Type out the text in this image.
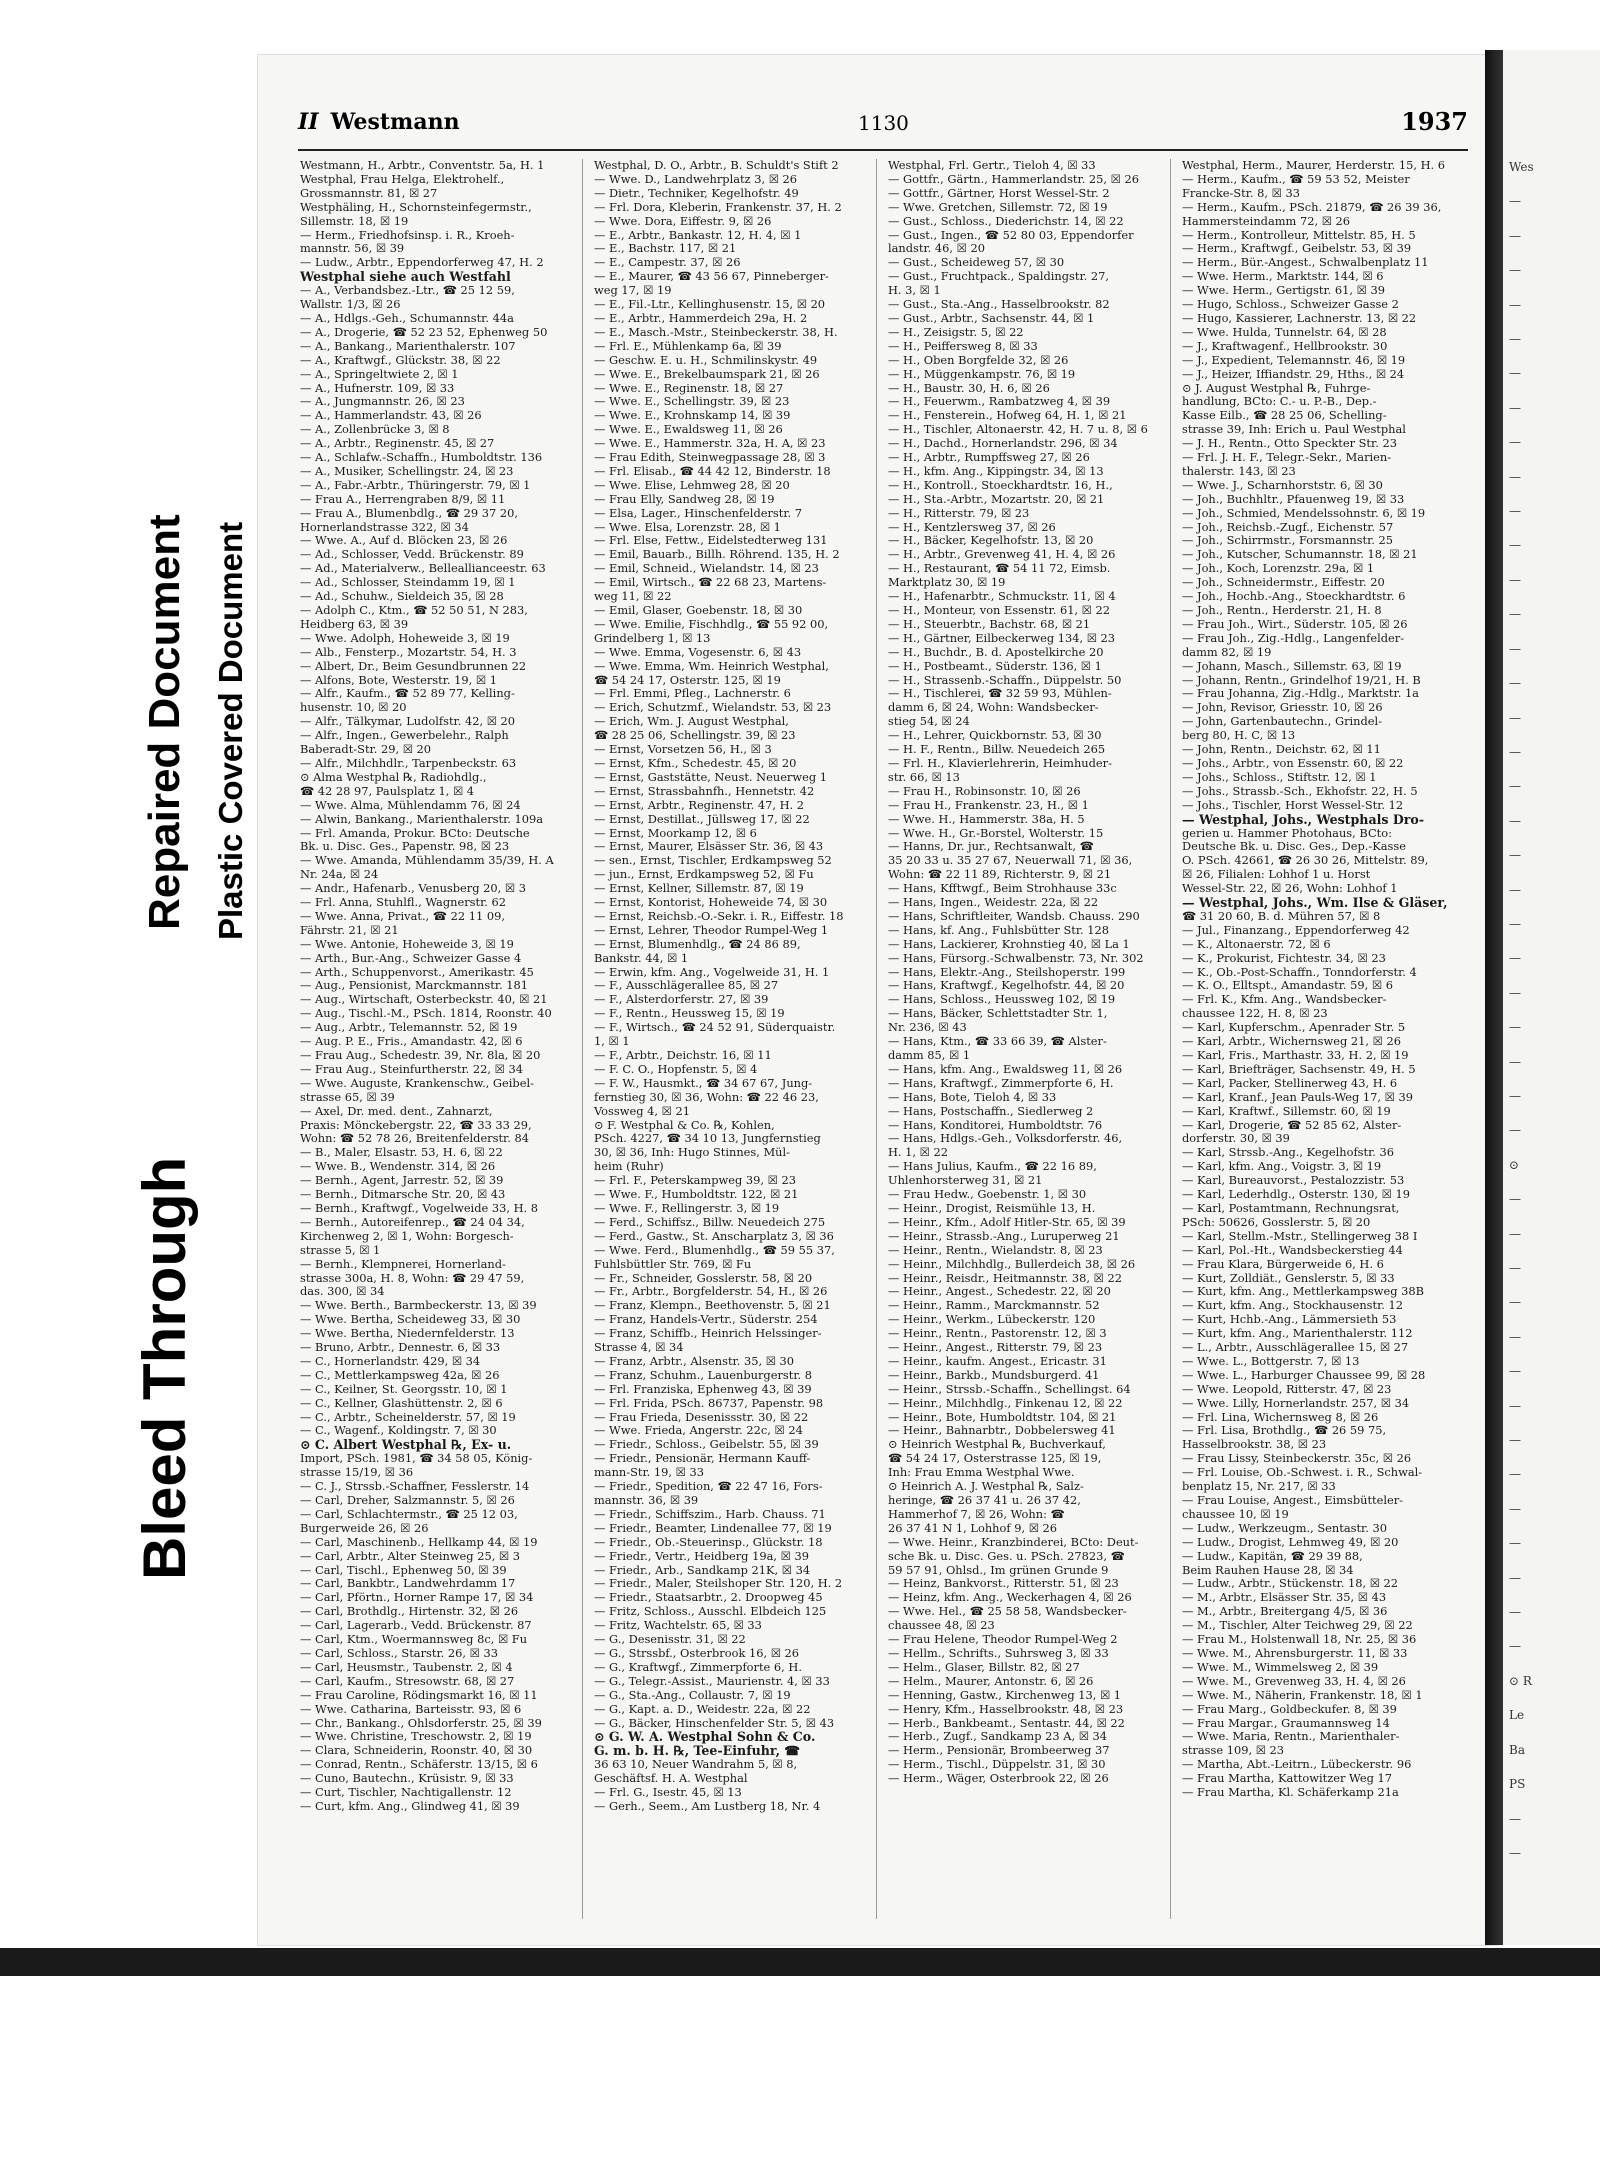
Repaired Document Plastic Covered Document
Bleed Through
II Westmann	1130	1937
Westmann, H., Arbtr., Conventstr. 5a, H. 1
Westphal, Frau Helga, Elektrohelf.,
Grossmannstr. 81, ☒ 27
Westphäling, H., Schornsteinfegermstr.,
Sillemstr. 18, ☒ 19
— Herm., Friedhofsinsp. i. R., Kroeh-
mannstr. 56, ☒ 39
— Ludw., Arbtr., Eppendorferweg 47, H. 2
Westphal siehe auch Westfahl
— A., Verbandsbez.-Ltr., ☎ 25 12 59,
Wallstr. 1/3, ☒ 26
— A., Hdlgs.-Geh., Schumannstr. 44a
— A., Drogerie, ☎ 52 23 52, Ephenweg 50
— A., Bankang., Marienthalerstr. 107
— A., Kraftwgf., Glückstr. 38, ☒ 22
— A., Springeltwiete 2, ☒ 1
— A., Hufnerstr. 109, ☒ 33
— A., Jungmannstr. 26, ☒ 23
— A., Hammerlandstr. 43, ☒ 26
— A., Zollenbrücke 3, ☒ 8
— A., Arbtr., Reginenstr. 45, ☒ 27
— A., Schlafw.-Schaffn., Humboldtstr. 136
— A., Musiker, Schellingstr. 24, ☒ 23
— A., Fabr.-Arbtr., Thüringerstr. 79, ☒ 1
— Frau A., Herrengraben 8/9, ☒ 11
— Frau A., Blumenbdlg., ☎ 29 37 20,
Hornerlandstrasse 322, ☒ 34
— Wwe. A., Auf d. Blöcken 23, ☒ 26
— Ad., Schlosser, Vedd. Brückenstr. 89
— Ad., Materialverw., Belleallianceestr. 63
— Ad., Schlosser, Steindamm 19, ☒ 1
— Ad., Schuhw., Sieldeich 35, ☒ 28
— Adolph C., Ktm., ☎ 52 50 51, N 283,
Heidberg 63, ☒ 39
— Wwe. Adolph, Hoheweide 3, ☒ 19
— Alb., Fensterp., Mozartstr. 54, H. 3
— Albert, Dr., Beim Gesundbrunnen 22
— Alfons, Bote, Westerstr. 19, ☒ 1
— Alfr., Kaufm., ☎ 52 89 77, Kelling-
husenstr. 10, ☒ 20
— Alfr., Tälkymar, Ludolfstr. 42, ☒ 20
— Alfr., Ingen., Gewerbelehr., Ralph
Baberadt-Str. 29, ☒ 20
— Alfr., Milchhdlr., Tarpenbeckstr. 63
⊙ Alma Westphal ℞, Radiohdlg.,
☎ 42 28 97, Paulsplatz 1, ☒ 4
— Wwe. Alma, Mühlendamm 76, ☒ 24
— Alwin, Bankang., Marienthalerstr. 109a
— Frl. Amanda, Prokur. BCto: Deutsche
Bk. u. Disc. Ges., Papenstr. 98, ☒ 23
— Wwe. Amanda, Mühlendamm 35/39, H. A
Nr. 24a, ☒ 24
— Andr., Hafenarb., Venusberg 20, ☒ 3
— Frl. Anna, Stuhlfl., Wagnerstr. 62
— Wwe. Anna, Privat., ☎ 22 11 09,
Fährstr. 21, ☒ 21
— Wwe. Antonie, Hoheweide 3, ☒ 19
— Arth., Bur.-Ang., Schweizer Gasse 4
— Arth., Schuppenvorst., Amerikastr. 45
— Aug., Pensionist, Marckmannstr. 181
— Aug., Wirtschaft, Osterbeckstr. 40, ☒ 21
— Aug., Tischl.-M., PSch. 1814, Roonstr. 40
— Aug., Arbtr., Telemannstr. 52, ☒ 19
— Aug. P. E., Fris., Amandastr. 42, ☒ 6
— Frau Aug., Schedestr. 39, Nr. 8la, ☒ 20
— Frau Aug., Steinfurtherstr. 22, ☒ 34
— Wwe. Auguste, Krankenschw., Geibel-
strasse 65, ☒ 39
— Axel, Dr. med. dent., Zahnarzt,
Praxis: Mönckebergstr. 22, ☎ 33 33 29,
Wohn: ☎ 52 78 26, Breitenfelderstr. 84
— B., Maler, Elsastr. 53, H. 6, ☒ 22
— Wwe. B., Wendenstr. 314, ☒ 26
— Bernh., Agent, Jarrestr. 52, ☒ 39
— Bernh., Ditmarsche Str. 20, ☒ 43
— Bernh., Kraftwgf., Vogelweide 33, H. 8
— Bernh., Autoreifenrep., ☎ 24 04 34,
Kirchenweg 2, ☒ 1, Wohn: Borgesch-
strasse 5, ☒ 1
— Bernh., Klempnerei, Hornerland-
strasse 300a, H. 8, Wohn: ☎ 29 47 59,
das. 300, ☒ 34
— Wwe. Berth., Barmbeckerstr. 13, ☒ 39
— Wwe. Bertha, Scheideweg 33, ☒ 30
— Wwe. Bertha, Niedernfelderstr. 13
— Bruno, Arbtr., Dennestr. 6, ☒ 33
— C., Hornerlandstr. 429, ☒ 34
— C., Mettlerkampsweg 42a, ☒ 26
— C., Keilner, St. Georgsstr. 10, ☒ 1
— C., Kellner, Glashüttenstr. 2, ☒ 6
— C., Arbtr., Scheinelderstr. 57, ☒ 19
— C., Wagenf., Koldingstr. 7, ☒ 30
⊙ C. Albert Westphal ℞, Ex- u.
Import, PSch. 1981, ☎ 34 58 05, König-
strasse 15/19, ☒ 36
— C. J., Strssb.-Schaffner, Fesslerstr. 14
— Carl, Dreher, Salzmannstr. 5, ☒ 26
— Carl, Schlachtermstr., ☎ 25 12 03,
Burgerweide 26, ☒ 26
— Carl, Maschinenb., Hellkamp 44, ☒ 19
— Carl, Arbtr., Alter Steinweg 25, ☒ 3
— Carl, Tischl., Ephenweg 50, ☒ 39
— Carl, Bankbtr., Landwehrdamm 17
— Carl, Pförtn., Horner Rampe 17, ☒ 34
— Carl, Brothdlg., Hirtenstr. 32, ☒ 26
— Carl, Lagerarb., Vedd. Brückenstr. 87
— Carl, Ktm., Woermannsweg 8c, ☒ Fu
— Carl, Schloss., Starstr. 26, ☒ 33
— Carl, Heusmstr., Taubenstr. 2, ☒ 4
— Carl, Kaufm., Stresowstr. 68, ☒ 27
— Frau Caroline, Rödingsmarkt 16, ☒ 11
— Wwe. Catharina, Barteisstr. 93, ☒ 6
— Chr., Bankang., Ohlsdorferstr. 25, ☒ 39
— Wwe. Christine, Treschowstr. 2, ☒ 19
— Clara, Schneiderin, Roonstr. 40, ☒ 30
— Conrad, Rentn., Schäferstr. 13/15, ☒ 6
— Cuno, Bautechn., Krüsistr. 9, ☒ 33
— Curt, Tischler, Nachtigallenstr. 12
— Curt, kfm. Ang., Glindweg 41, ☒ 39
Westphal, D. O., Arbtr., B. Schuldt's Stift 2
— Wwe. D., Landwehrplatz 3, ☒ 26
— Dietr., Techniker, Kegelhofstr. 49
— Frl. Dora, Kleberin, Frankenstr. 37, H. 2
— Wwe. Dora, Eiffestr. 9, ☒ 26
— E., Arbtr., Bankastr. 12, H. 4, ☒ 1
— E., Bachstr. 117, ☒ 21
— E., Campestr. 37, ☒ 26
— E., Maurer, ☎ 43 56 67, Pinneberger-
weg 17, ☒ 19
— E., Fil.-Ltr., Kellinghusenstr. 15, ☒ 20
— E., Arbtr., Hammerdeich 29a, H. 2
— E., Masch.-Mstr., Steinbeckerstr. 38, H.
— Frl. E., Mühlenkamp 6a, ☒ 39
— Geschw. E. u. H., Schmilinskystr. 49
— Wwe. E., Brekelbaumspark 21, ☒ 26
— Wwe. E., Reginenstr. 18, ☒ 27
— Wwe. E., Schellingstr. 39, ☒ 23
— Wwe. E., Krohnskamp 14, ☒ 39
— Wwe. E., Ewaldsweg 11, ☒ 26
— Wwe. E., Hammerstr. 32a, H. A, ☒ 23
— Frau Edith, Steinwegpassage 28, ☒ 3
— Frl. Elisab., ☎ 44 42 12, Binderstr. 18
— Wwe. Elise, Lehmweg 28, ☒ 20
— Frau Elly, Sandweg 28, ☒ 19
— Elsa, Lager., Hinschenfelderstr. 7
— Wwe. Elsa, Lorenzstr. 28, ☒ 1
— Frl. Else, Fettw., Eidelstedterweg 131
— Emil, Bauarb., Billh. Röhrend. 135, H. 2
— Emil, Schneid., Wielandstr. 14, ☒ 23
— Emil, Wirtsch., ☎ 22 68 23, Martens-
weg 11, ☒ 22
— Emil, Glaser, Goebenstr. 18, ☒ 30
— Wwe. Emilie, Fischhdlg., ☎ 55 92 00,
Grindelberg 1, ☒ 13
— Wwe. Emma, Vogesenstr. 6, ☒ 43
— Wwe. Emma, Wm. Heinrich Westphal,
☎ 54 24 17, Osterstr. 125, ☒ 19
— Frl. Emmi, Pfleg., Lachnerstr. 6
— Erich, Schutzmf., Wielandstr. 53, ☒ 23
— Erich, Wm. J. August Westphal,
☎ 28 25 06, Schellingstr. 39, ☒ 23
— Ernst, Vorsetzen 56, H., ☒ 3
— Ernst, Kfm., Schedestr. 45, ☒ 20
— Ernst, Gaststätte, Neust. Neuerweg 1
— Ernst, Strassbahnfh., Hennetstr. 42
— Ernst, Arbtr., Reginenstr. 47, H. 2
— Ernst, Destillat., Jüllsweg 17, ☒ 22
— Ernst, Moorkamp 12, ☒ 6
— Ernst, Maurer, Elsässer Str. 36, ☒ 43
— sen., Ernst, Tischler, Erdkampsweg 52
— jun., Ernst, Erdkampsweg 52, ☒ Fu
— Ernst, Kellner, Sillemstr. 87, ☒ 19
— Ernst, Kontorist, Hoheweide 74, ☒ 30
— Ernst, Reichsb.-O.-Sekr. i. R., Eiffestr. 18
— Ernst, Lehrer, Theodor Rumpel-Weg 1
— Ernst, Blumenhdlg., ☎ 24 86 89,
Bankstr. 44, ☒ 1
— Erwin, kfm. Ang., Vogelweide 31, H. 1
— F., Ausschlägerallee 85, ☒ 27
— F., Alsterdorferstr. 27, ☒ 39
— F., Rentn., Heussweg 15, ☒ 19
— F., Wirtsch., ☎ 24 52 91, Süderquaistr.
1, ☒ 1
— F., Arbtr., Deichstr. 16, ☒ 11
— F. C. O., Hopfenstr. 5, ☒ 4
— F. W., Hausmkt., ☎ 34 67 67, Jung-
fernstieg 30, ☒ 36, Wohn: ☎ 22 46 23,
Vossweg 4, ☒ 21
⊙ F. Westphal & Co. ℞, Kohlen,
PSch. 4227, ☎ 34 10 13, Jungfernstieg
30, ☒ 36, Inh: Hugo Stinnes, Mül-
heim (Ruhr)
— Frl. F., Peterskampweg 39, ☒ 23
— Wwe. F., Humboldtstr. 122, ☒ 21
— Wwe. F., Rellingerstr. 3, ☒ 19
— Ferd., Schiffsz., Billw. Neuedeich 275
— Ferd., Gastw., St. Anscharplatz 3, ☒ 36
— Wwe. Ferd., Blumenhdlg., ☎ 59 55 37,
Fuhlsbüttler Str. 769, ☒ Fu
— Fr., Schneider, Gosslerstr. 58, ☒ 20
— Fr., Arbtr., Borgfelderstr. 54, H., ☒ 26
— Franz, Klempn., Beethovenstr. 5, ☒ 21
— Franz, Handels-Vertr., Süderstr. 254
— Franz, Schiffb., Heinrich Helssinger-
Strasse 4, ☒ 34
— Franz, Arbtr., Alsenstr. 35, ☒ 30
— Franz, Schuhm., Lauenburgerstr. 8
— Frl. Franziska, Ephenweg 43, ☒ 39
— Frl. Frida, PSch. 86737, Papenstr. 98
— Frau Frieda, Desenissstr. 30, ☒ 22
— Wwe. Frieda, Angerstr. 22c, ☒ 24
— Friedr., Schloss., Geibelstr. 55, ☒ 39
— Friedr., Pensionär, Hermann Kauff-
mann-Str. 19, ☒ 33
— Friedr., Spedition, ☎ 22 47 16, Fors-
mannstr. 36, ☒ 39
— Friedr., Schiffszim., Harb. Chauss. 71
— Friedr., Beamter, Lindenallee 77, ☒ 19
— Friedr., Ob.-Steuerinsp., Glückstr. 18
— Friedr., Vertr., Heidberg 19a, ☒ 39
— Friedr., Arb., Sandkamp 21K, ☒ 34
— Friedr., Maler, Steilshoper Str. 120, H. 2
— Friedr., Staatsarbtr., 2. Droopweg 45
— Fritz, Schloss., Ausschl. Elbdeich 125
— Fritz, Wachtelstr. 65, ☒ 33
— G., Desenisstr. 31, ☒ 22
— G., Strssbf., Osterbrook 16, ☒ 26
— G., Kraftwgf., Zimmerpforte 6, H.
— G., Telegr.-Assist., Maurienstr. 4, ☒ 33
— G., Sta.-Ang., Collaustr. 7, ☒ 19
— G., Kapt. a. D., Weidestr. 22a, ☒ 22
— G., Bäcker, Hinschenfelder Str. 5, ☒ 43
⊙ G. W. A. Westphal Sohn & Co.
G. m. b. H. ℞, Tee-Einfuhr, ☎
36 63 10, Neuer Wandrahm 5, ☒ 8,
Geschäftsf. H. A. Westphal
— Frl. G., Isestr. 45, ☒ 13
— Gerh., Seem., Am Lustberg 18, Nr. 4
Westphal, Frl. Gertr., Tieloh 4, ☒ 33
— Gottfr., Gärtn., Hammerlandstr. 25, ☒ 26
— Gottfr., Gärtner, Horst Wessel-Str. 2
— Wwe. Gretchen, Sillemstr. 72, ☒ 19
— Gust., Schloss., Diederichstr. 14, ☒ 22
— Gust., Ingen., ☎ 52 80 03, Eppendorfer
landstr. 46, ☒ 20
— Gust., Scheideweg 57, ☒ 30
— Gust., Fruchtpack., Spaldingstr. 27,
H. 3, ☒ 1
— Gust., Sta.-Ang., Hasselbrookstr. 82
— Gust., Arbtr., Sachsenstr. 44, ☒ 1
— H., Zeisigstr. 5, ☒ 22
— H., Peiffersweg 8, ☒ 33
— H., Oben Borgfelde 32, ☒ 26
— H., Müggenkampstr. 76, ☒ 19
— H., Baustr. 30, H. 6, ☒ 26
— H., Feuerwm., Rambatzweg 4, ☒ 39
— H., Fensterein., Hofweg 64, H. 1, ☒ 21
— H., Tischler, Altonaerstr. 42, H. 7 u. 8, ☒ 6
— H., Dachd., Hornerlandstr. 296, ☒ 34
— H., Arbtr., Rumpffsweg 27, ☒ 26
— H., kfm. Ang., Kippingstr. 34, ☒ 13
— H., Kontroll., Stoeckhardtstr. 16, H.,
— H., Sta.-Arbtr., Mozartstr. 20, ☒ 21
— H., Ritterstr. 79, ☒ 23
— H., Kentzlersweg 37, ☒ 26
— H., Bäcker, Kegelhofstr. 13, ☒ 20
— H., Arbtr., Grevenweg 41, H. 4, ☒ 26
— H., Restaurant, ☎ 54 11 72, Eimsb.
Marktplatz 30, ☒ 19
— H., Hafenarbtr., Schmuckstr. 11, ☒ 4
— H., Monteur, von Essenstr. 61, ☒ 22
— H., Steuerbtr., Bachstr. 68, ☒ 21
— H., Gärtner, Eilbeckerweg 134, ☒ 23
— H., Buchdr., B. d. Apostelkirche 20
— H., Postbeamt., Süderstr. 136, ☒ 1
— H., Strassenb.-Schaffn., Düppelstr. 50
— H., Tischlerei, ☎ 32 59 93, Mühlen-
damm 6, ☒ 24, Wohn: Wandsbecker-
stieg 54, ☒ 24
— H., Lehrer, Quickbornstr. 53, ☒ 30
— H. F., Rentn., Billw. Neuedeich 265
— Frl. H., Klavierlehrerin, Heimhuder-
str. 66, ☒ 13
— Frau H., Robinsonstr. 10, ☒ 26
— Frau H., Frankenstr. 23, H., ☒ 1
— Wwe. H., Hammerstr. 38a, H. 5
— Wwe. H., Gr.-Borstel, Wolterstr. 15
— Hanns, Dr. jur., Rechtsanwalt, ☎
35 20 33 u. 35 27 67, Neuerwall 71, ☒ 36,
Wohn: ☎ 22 11 89, Richterstr. 9, ☒ 21
— Hans, Kfftwgf., Beim Strohhause 33c
— Hans, Ingen., Weidestr. 22a, ☒ 22
— Hans, Schriftleiter, Wandsb. Chauss. 290
— Hans, kf. Ang., Fuhlsbütter Str. 128
— Hans, Lackierer, Krohnstieg 40, ☒ La 1
— Hans, Fürsorg.-Schwalbenstr. 73, Nr. 302
— Hans, Elektr.-Ang., Steilshoperstr. 199
— Hans, Kraftwgf., Kegelhofstr. 44, ☒ 20
— Hans, Schloss., Heussweg 102, ☒ 19
— Hans, Bäcker, Schlettstadter Str. 1,
Nr. 236, ☒ 43
— Hans, Ktm., ☎ 33 66 39, ☎ Alster-
damm 85, ☒ 1
— Hans, kfm. Ang., Ewaldsweg 11, ☒ 26
— Hans, Kraftwgf., Zimmerpforte 6, H.
— Hans, Bote, Tieloh 4, ☒ 33
— Hans, Postschaffn., Siedlerweg 2
— Hans, Konditorei, Humboldtstr. 76
— Hans, Hdlgs.-Geh., Volksdorferstr. 46,
H. 1, ☒ 22
— Hans Julius, Kaufm., ☎ 22 16 89,
Uhlenhorsterweg 31, ☒ 21
— Frau Hedw., Goebenstr. 1, ☒ 30
— Heinr., Drogist, Reismühle 13, H.
— Heinr., Kfm., Adolf Hitler-Str. 65, ☒ 39
— Heinr., Strassb.-Ang., Luruperweg 21
— Heinr., Rentn., Wielandstr. 8, ☒ 23
— Heinr., Milchhdlg., Bullerdeich 38, ☒ 26
— Heinr., Reisdr., Heitmannstr. 38, ☒ 22
— Heinr., Angest., Schedestr. 22, ☒ 20
— Heinr., Ramm., Marckmannstr. 52
— Heinr., Werkm., Lübeckerstr. 120
— Heinr., Rentn., Pastorenstr. 12, ☒ 3
— Heinr., Angest., Ritterstr. 79, ☒ 23
— Heinr., kaufm. Angest., Ericastr. 31
— Heinr., Barkb., Mundsburgerd. 41
— Heinr., Strssb.-Schaffn., Schellingst. 64
— Heinr., Milchhdlg., Finkenau 12, ☒ 22
— Heinr., Bote, Humboldtstr. 104, ☒ 21
— Heinr., Bahnarbtr., Dobbelersweg 41
⊙ Heinrich Westphal ℞, Buchverkauf,
☎ 54 24 17, Osterstrasse 125, ☒ 19,
Inh: Frau Emma Westphal Wwe.
⊙ Heinrich A. J. Westphal ℞, Salz-
heringe, ☎ 26 37 41 u. 26 37 42,
Hammerhof 7, ☒ 26, Wohn: ☎
26 37 41 N 1, Lohhof 9, ☒ 26
— Wwe. Heinr., Kranzbinderei, BCto: Deut-
sche Bk. u. Disc. Ges. u. PSch. 27823, ☎
59 57 91, Ohlsd., Im grünen Grunde 9
— Heinz, Bankvorst., Ritterstr. 51, ☒ 23
— Heinz, kfm. Ang., Weckerhagen 4, ☒ 26
— Wwe. Hel., ☎ 25 58 58, Wandsbecker-
chaussee 48, ☒ 23
— Frau Helene, Theodor Rumpel-Weg 2
— Hellm., Schrifts., Suhrsweg 3, ☒ 33
— Helm., Glaser, Billstr. 82, ☒ 27
— Helm., Maurer, Antonstr. 6, ☒ 26
— Henning, Gastw., Kirchenweg 13, ☒ 1
— Henry, Kfm., Hasselbrookstr. 48, ☒ 23
— Herb., Bankbeamt., Sentastr. 44, ☒ 22
— Herb., Zugf., Sandkamp 23 A, ☒ 34
— Herm., Pensionär, Brombeerweg 37
— Herm., Tischl., Düppelstr. 31, ☒ 30
— Herm., Wäger, Osterbrook 22, ☒ 26
Westphal, Herm., Maurer, Herderstr. 15, H. 6
— Herm., Kaufm., ☎ 59 53 52, Meister
Francke-Str. 8, ☒ 33
— Herm., Kaufm., PSch. 21879, ☎ 26 39 36,
Hammersteindamm 72, ☒ 26
— Herm., Kontrolleur, Mittelstr. 85, H. 5
— Herm., Kraftwgf., Geibelstr. 53, ☒ 39
— Herm., Bür.-Angest., Schwalbenplatz 11
— Wwe. Herm., Marktstr. 144, ☒ 6
— Wwe. Herm., Gertigstr. 61, ☒ 39
— Hugo, Schloss., Schweizer Gasse 2
— Hugo, Kassierer, Lachnerstr. 13, ☒ 22
— Wwe. Hulda, Tunnelstr. 64, ☒ 28
— J., Kraftwagenf., Hellbrookstr. 30
— J., Expedient, Telemannstr. 46, ☒ 19
— J., Heizer, Iffiandstr. 29, Hths., ☒ 24
⊙ J. August Westphal ℞, Fuhrge-
handlung, BCto: C.- u. P.-B., Dep.-
Kasse Eilb., ☎ 28 25 06, Schelling-
strasse 39, Inh: Erich u. Paul Westphal
— J. H., Rentn., Otto Speckter Str. 23
— Frl. J. H. F., Telegr.-Sekr., Marien-
thalerstr. 143, ☒ 23
— Wwe. J., Scharnhorststr. 6, ☒ 30
— Joh., Buchhltr., Pfauenweg 19, ☒ 33
— Joh., Schmied, Mendelssohnstr. 6, ☒ 19
— Joh., Reichsb.-Zugf., Eichenstr. 57
— Joh., Schirrmstr., Forsmannstr. 25
— Joh., Kutscher, Schumannstr. 18, ☒ 21
— Joh., Koch, Lorenzstr. 29a, ☒ 1
— Joh., Schneidermstr., Eiffestr. 20
— Joh., Hochb.-Ang., Stoeckhardtstr. 6
— Joh., Rentn., Herderstr. 21, H. 8
— Frau Joh., Wirt., Süderstr. 105, ☒ 26
— Frau Joh., Zig.-Hdlg., Langenfelder-
damm 82, ☒ 19
— Johann, Masch., Sillemstr. 63, ☒ 19
— Johann, Rentn., Grindelhof 19/21, H. B
— Frau Johanna, Zig.-Hdlg., Marktstr. 1a
— John, Revisor, Griesstr. 10, ☒ 26
— John, Gartenbautechn., Grindel-
berg 80, H. C, ☒ 13
— John, Rentn., Deichstr. 62, ☒ 11
— Johs., Arbtr., von Essenstr. 60, ☒ 22
— Johs., Schloss., Stiftstr. 12, ☒ 1
— Johs., Strassb.-Sch., Ekhofstr. 22, H. 5
— Johs., Tischler, Horst Wessel-Str. 12
— Westphal, Johs., Westphals Dro-
gerien u. Hammer Photohaus, BCto:
Deutsche Bk. u. Disc. Ges., Dep.-Kasse
O. PSch. 42661, ☎ 26 30 26, Mittelstr. 89,
☒ 26, Filialen: Lohhof 1 u. Horst
Wessel-Str. 22, ☒ 26, Wohn: Lohhof 1
— Westphal, Johs., Wm. Ilse & Gläser,
☎ 31 20 60, B. d. Mühren 57, ☒ 8
— Jul., Finanzang., Eppendorferweg 42
— K., Altonaerstr. 72, ☒ 6
— K., Prokurist, Fichtestr. 34, ☒ 23
— K., Ob.-Post-Schaffn., Tonndorferstr. 4
— K. O., Elltspt., Amandastr. 59, ☒ 6
— Frl. K., Kfm. Ang., Wandsbecker-
chaussee 122, H. 8, ☒ 23
— Karl, Kupferschm., Apenrader Str. 5
— Karl, Arbtr., Wichernsweg 21, ☒ 26
— Karl, Fris., Marthastr. 33, H. 2, ☒ 19
— Karl, Briefträger, Sachsenstr. 49, H. 5
— Karl, Packer, Stellinerweg 43, H. 6
— Karl, Kranf., Jean Pauls-Weg 17, ☒ 39
— Karl, Kraftwf., Sillemstr. 60, ☒ 19
— Karl, Drogerie, ☎ 52 85 62, Alster-
dorferstr. 30, ☒ 39
— Karl, Strssb.-Ang., Kegelhofstr. 36
— Karl, kfm. Ang., Voigstr. 3, ☒ 19
— Karl, Bureauvorst., Pestalozzistr. 53
— Karl, Lederhdlg., Osterstr. 130, ☒ 19
— Karl, Postamtmann, Rechnungsrat,
PSch: 50626, Gosslerstr. 5, ☒ 20
— Karl, Stellm.-Mstr., Stellingerweg 38 I
— Karl, Pol.-Ht., Wandsbeckerstieg 44
— Frau Klara, Bürgerweide 6, H. 6
— Kurt, Zolldiät., Genslerstr. 5, ☒ 33
— Kurt, kfm. Ang., Mettlerkampsweg 38B
— Kurt, kfm. Ang., Stockhausenstr. 12
— Kurt, Hchb.-Ang., Lämmersieth 53
— Kurt, kfm. Ang., Marienthalerstr. 112
— L., Arbtr., Ausschlägerallee 15, ☒ 27
— Wwe. L., Bottgerstr. 7, ☒ 13
— Wwe. L., Harburger Chaussee 99, ☒ 28
— Wwe. Leopold, Ritterstr. 47, ☒ 23
— Wwe. Lilly, Hornerlandstr. 257, ☒ 34
— Frl. Lina, Wichernsweg 8, ☒ 26
— Frl. Lisa, Brothdlg., ☎ 26 59 75,
Hasselbrookstr. 38, ☒ 23
— Frau Lissy, Steinbeckerstr. 35c, ☒ 26
— Frl. Louise, Ob.-Schwest. i. R., Schwal-
benplatz 15, Nr. 217, ☒ 33
— Frau Louise, Angest., Eimsbütteler-
chaussee 10, ☒ 19
— Ludw., Werkzeugm., Sentastr. 30
— Ludw., Drogist, Lehmweg 49, ☒ 20
— Ludw., Kapitän, ☎ 29 39 88,
Beim Rauhen Hause 28, ☒ 34
— Ludw., Arbtr., Stückenstr. 18, ☒ 22
— M., Arbtr., Elsässer Str. 35, ☒ 43
— M., Arbtr., Breitergang 4/5, ☒ 36
— M., Tischler, Alter Teichweg 29, ☒ 22
— Frau M., Holstenwall 18, Nr. 25, ☒ 36
— Wwe. M., Ahrensburgerstr. 11, ☒ 33
— Wwe. M., Wimmelsweg 2, ☒ 39
— Wwe. M., Grevenweg 33, H. 4, ☒ 26
— Wwe. M., Näherin, Frankenstr. 18, ☒ 1
— Frau Marg., Goldbeckufer. 8, ☒ 39
— Frau Margar., Graumannsweg 14
— Wwe. Maria, Rentn., Marienthaler-
strasse 109, ☒ 23
— Martha, Abt.-Leitrn., Lübeckerstr. 96
— Frau Martha, Kattowitzer Weg 17
— Frau Martha, Kl. Schäferkamp 21a
Wes
—
—
—
—
—
—
—
—
—
—
—
—
—
—
—
—
—
—
—
—
—
—
—
—
—
—
—
—
⊙
—
—
—
—
—
—
—
—
—
—
—
—
—
—
⊙ R
Le
Ba
PS
—
—
